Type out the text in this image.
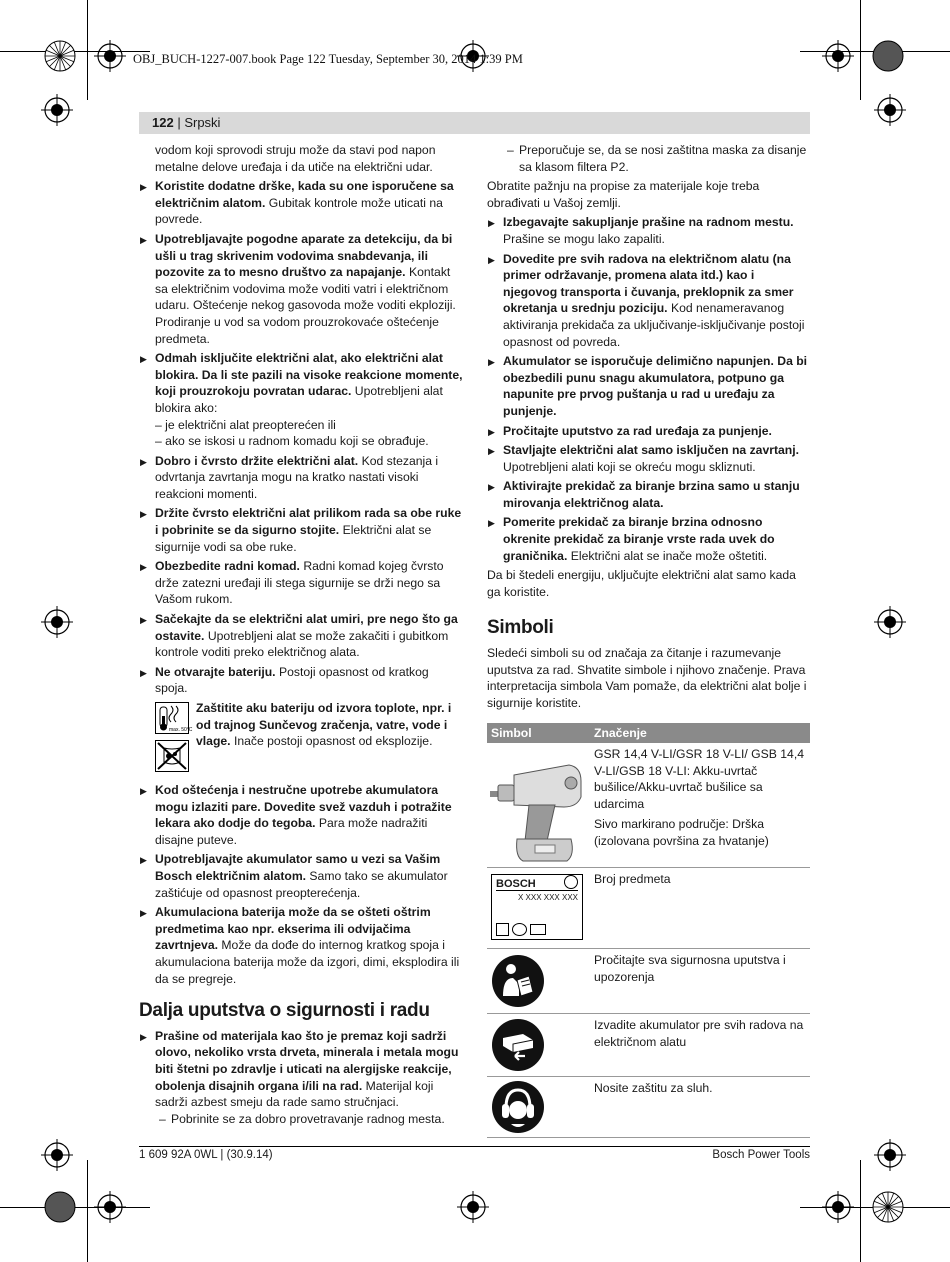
OBJ_BUCH-1227-007.book Page 122 Tuesday, September 30, 2014 1:39 PM
122 | Srpski

vodom koji sprovodi struju može da stavi pod napon metalne delove uređaja i da utiče na električni udar.

▶ Koristite dodatne drške, kada su one isporučene sa električnim alatom. Gubitak kontrole može uticati na povrede.
▶ Upotrebljavajte pogodne aparate za detekciju, da bi ušli u trag skrivenim vodovima snabdevanja, ili pozovite za to mesno društvo za napajanje. Kontakt sa električnim vodovima može voditi vatri i električnom udaru. Oštećenje nekog gasovoda može voditi ekploziji. Prodiranje u vod sa vodom prouzrokovaće oštećenje predmeta.
▶ Odmah isključite električni alat, ako električni alat blokira. Da li ste pazili na visoke reakcione momente, koji prouzrokoju povratan udarac. Upotrebljeni alat blokira ako:
– je električni alat preopterećen ili
– ako se iskosi u radnom komadu koji se obrađuje.
▶ Dobro i čvrsto držite električni alat. Kod stezanja i odvrtanja zavrtanja mogu na kratko nastati visoki reakcioni momenti.
▶ Držite čvrsto električni alat prilikom rada sa obe ruke i pobrinite se da sigurno stojite. Električni alat se sigurnije vodi sa obe ruke.
▶ Obezbedite radni komad. Radni komad kojeg čvrsto drže zatezni uređaji ili stega sigurnije se drži nego sa Vašom rukom.
▶ Sačekajte da se električni alat umiri, pre nego što ga ostavite. Upotrebljeni alat se može zakačiti i gubitkom kontrole voditi preko električnog alata.
▶ Ne otvarajte bateriju. Postoji opasnost od kratkog spoja.
max. 50°C
Zaštitite aku bateriju od izvora toplote, npr. i od trajnog Sunčevog zračenja, vatre, vode i vlage. Inače postoji opasnost od eksplozije.
▶ Kod oštećenja i nestručne upotrebe akumulatora mogu izlaziti pare. Dovedite svež vazduh i potražite lekara ako dodje do tegoba. Para može nadražiti disajne puteve.
▶ Upotrebljavajte akumulator samo u vezi sa Vašim Bosch električnim alatom. Samo tako se akumulator zaštićuje od opasnost preopterećenja.
▶ Akumulaciona baterija može da se ošteti oštrim predmetima kao npr. ekserima ili odvijačima zavrtnjeva. Može da dođe do internog kratkog spoja i akumulaciona baterija može da izgori, dimi, eksplodira ili da se pregreje.
Dalja uputstva o sigurnosti i radu
▶ Prašine od materijala kao što je premaz koji sadrži olovo, nekoliko vrsta drveta, minerala i metala mogu biti štetni po zdravlje i uticati na alergijske reakcije, obolenja disajnih organa i/ili na rad. Materijal koji sadrži azbest smeju da rade samo stručnjaci.
– Pobrinite se za dobro provetravanje radnog mesta.
– Preporučuje se, da se nosi zaštitna maska za disanje sa klasom filtera P2.

Obratite pažnju na propise za materijale koje treba obrađivati u Vašoj zemlji.

▶ Izbegavajte sakupljanje prašine na radnom mestu. Prašine se mogu lako zapaliti.
▶ Dovedite pre svih radova na električnom alatu (na primer održavanje, promena alata itd.) kao i njegovog transporta i čuvanja, preklopnik za smer okretanja u srednju poziciju. Kod nenameravanog aktiviranja prekidača za uključivanje-isključivanje postoji opasnost od povreda.
▶ Akumulator se isporučuje delimično napunjen. Da bi obezbedili punu snagu akumulatora, potpuno ga napunite pre prvog puštanja u rad u uređaju za punjenje.
▶ Pročitajte uputstvo za rad uređaja za punjenje.
▶ Stavljajte električni alat samo isključen na zavrtanj. Upotrebljeni alati koji se okreću mogu skliznuti.
▶ Aktivirajte prekidač za biranje brzina samo u stanju mirovanja električnog alata.
▶ Pomerite prekidač za biranje brzina odnosno okrenite prekidač za biranje vrste rada uvek do graničnika. Električni alat se inače može oštetiti.

Da bi štedeli energiju, uključujte električni alat samo kada ga koristite.

Simboli

Sledeći simboli su od značaja za čitanje i razumevanje uputstva za rad. Shvatite simbole i njihovo značenje. Prava interpretacija simbola Vam pomaže, da električni alat bolje i sigurnije koristite.

Simbol	Značenje
GSR 14,4 V-LI/GSR 18 V-LI/ GSB 14,4 V-LI/GSB 18 V-LI: Akku-uvrtač bušilice/Akku-uvrtač bušilice sa udarcima
Sivo markirano područje: Drška (izolovana površina za hvatanje)
BOSCH
X XXX XXX XXX
Broj predmeta
Pročitajte sva sigurnosna uputstva i upozorenja
Izvadite akumulator pre svih radova na električnom alatu
Nosite zaštitu za sluh.
1 609 92A 0WL | (30.9.14)	Bosch Power Tools
